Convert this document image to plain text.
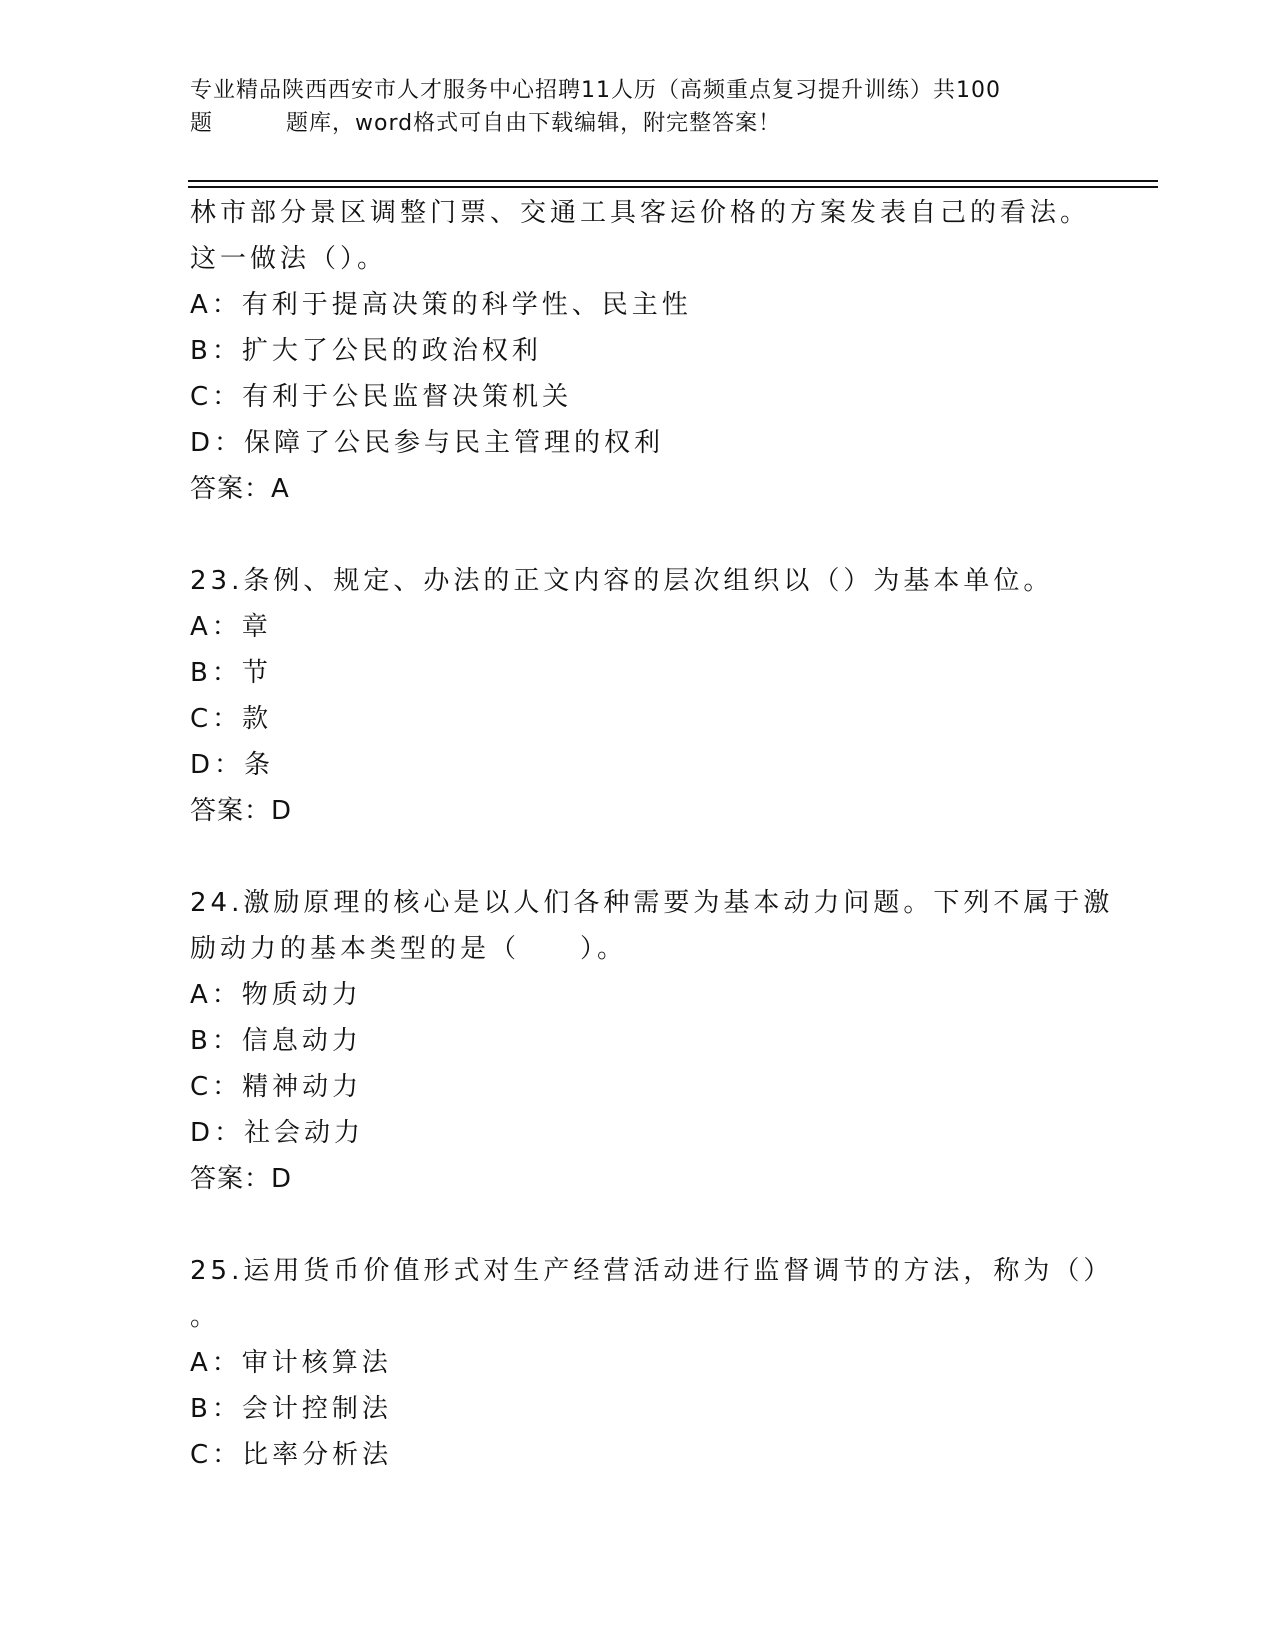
专业精品陕西西安市人才服务中心招聘11人历（高频重点复习提升训练）共100
题	题库，word格式可自由下载编辑，附完整答案！
林市部分景区调整门票、交通工具客运价格的方案发表自己的看法。
这一做法（）。
A：有利于提高决策的科学性、民主性
B：扩大了公民的政治权利
C：有利于公民监督决策机关
D：保障了公民参与民主管理的权利
答案：A
23.条例、规定、办法的正文内容的层次组织以（）为基本单位。
A：章
B：节
C：款
D：条
答案：D
24.激励原理的核心是以人们各种需要为基本动力问题。下列不属于激
励动力的基本类型的是（　　）。
A：物质动力
B：信息动力
C：精神动力
D：社会动力
答案：D
25.运用货币价值形式对生产经营活动进行监督调节的方法，称为（）
。
A：审计核算法
B：会计控制法
C：比率分析法
